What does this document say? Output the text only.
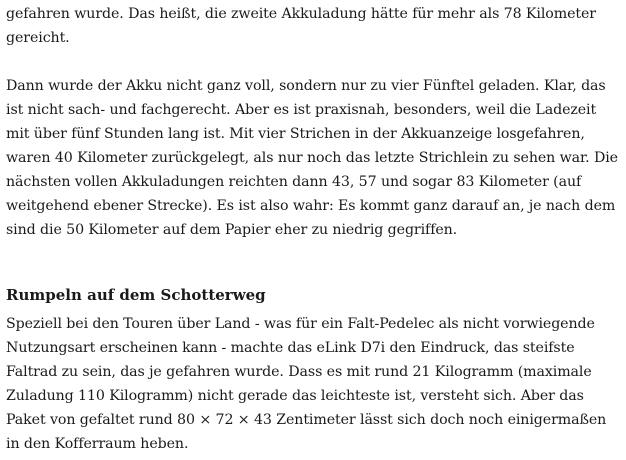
gefahren wurde. Das heißt, die zweite Akkuladung hätte für mehr als 78 Kilometer gereicht.

Dann wurde der Akku nicht ganz voll, sondern nur zu vier Fünftel geladen. Klar, das ist nicht sach- und fachgerecht. Aber es ist praxisnah, besonders, weil die Ladezeit mit über fünf Stunden lang ist. Mit vier Strichen in der Akkuanzeige losgefahren, waren 40 Kilometer zurückgelegt, als nur noch das letzte Strichlein zu sehen war. Die nächsten vollen Akkuladungen reichten dann 43, 57 und sogar 83 Kilometer (auf weitgehend ebener Strecke). Es ist also wahr: Es kommt ganz darauf an, je nach dem sind die 50 Kilometer auf dem Papier eher zu niedrig gegriffen.

Rumpeln auf dem Schotterweg

Speziell bei den Touren über Land - was für ein Falt-Pedelec als nicht vorwiegende Nutzungsart erscheinen kann - machte das eLink D7i den Eindruck, das steifste Faltrad zu sein, das je gefahren wurde. Dass es mit rund 21 Kilogramm (maximale Zuladung 110 Kilogramm) nicht gerade das leichteste ist, versteht sich. Aber das Paket von gefaltet rund 80 × 72 × 43 Zentimeter lässt sich doch noch einigermaßen in den Kofferraum heben.
